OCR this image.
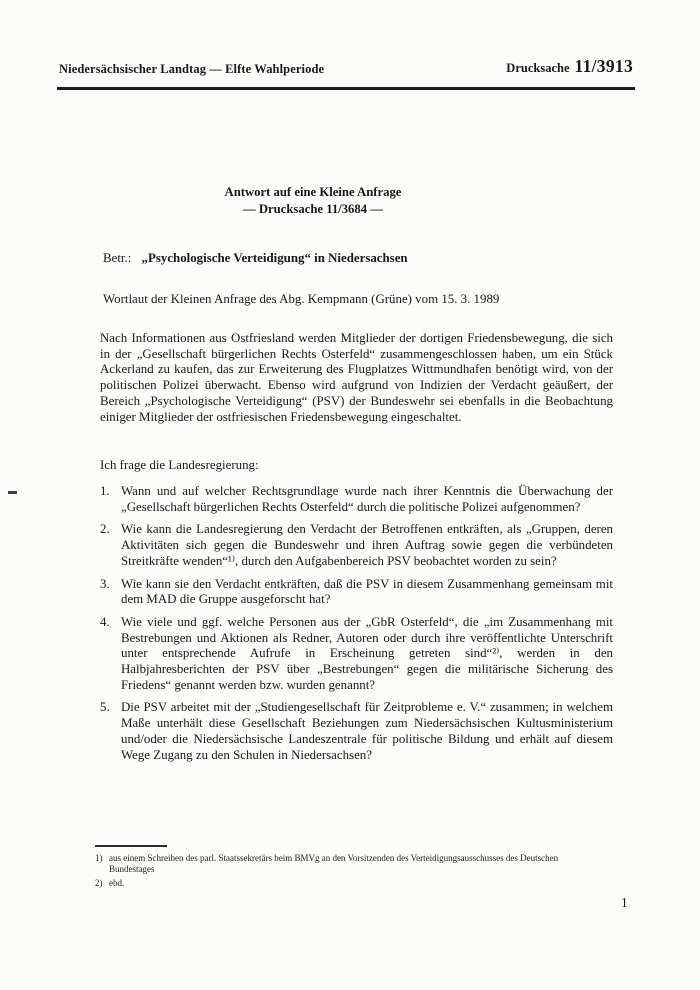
Niedersächsischer Landtag — Elfte Wahlperiode	Drucksache 11/3913
Antwort auf eine Kleine Anfrage
— Drucksache 11/3684 —
Betr.: „Psychologische Verteidigung“ in Niedersachsen
Wortlaut der Kleinen Anfrage des Abg. Kempmann (Grüne) vom 15. 3. 1989
Nach Informationen aus Ostfriesland werden Mitglieder der dortigen Friedensbewegung, die sich in der „Gesellschaft bürgerlichen Rechts Osterfeld“ zusammengeschlossen haben, um ein Stück Ackerland zu kaufen, das zur Erweiterung des Flugplatzes Wittmundhafen benötigt wird, von der politischen Polizei überwacht. Ebenso wird aufgrund von Indizien der Verdacht geäußert, der Bereich „Psychologische Verteidigung“ (PSV) der Bundeswehr sei ebenfalls in die Beobachtung einiger Mitglieder der ostfriesischen Friedensbewegung eingeschaltet.
Ich frage die Landesregierung:
1. Wann und auf welcher Rechtsgrundlage wurde nach ihrer Kenntnis die Überwachung der „Gesellschaft bürgerlichen Rechts Osterfeld“ durch die politische Polizei aufgenommen?
2. Wie kann die Landesregierung den Verdacht der Betroffenen entkräften, als „Gruppen, deren Aktivitäten sich gegen die Bundeswehr und ihren Auftrag sowie gegen die verbündeten Streitkräfte wenden“¹⁾, durch den Aufgabenbereich PSV beobachtet worden zu sein?
3. Wie kann sie den Verdacht entkräften, daß die PSV in diesem Zusammenhang gemeinsam mit dem MAD die Gruppe ausgeforscht hat?
4. Wie viele und ggf. welche Personen aus der „GbR Osterfeld“, die „im Zusammenhang mit Bestrebungen und Aktionen als Redner, Autoren oder durch ihre veröffentlichte Unterschrift unter entsprechende Aufrufe in Erscheinung getreten sind“²⁾, werden in den Halbjahresberichten der PSV über „Bestrebungen“ gegen die militärische Sicherung des Friedens“ genannt werden bzw. wurden genannt?
5. Die PSV arbeitet mit der „Studiengesellschaft für Zeitprobleme e. V.“ zusammen; in welchem Maße unterhält diese Gesellschaft Beziehungen zum Niedersächsischen Kultusministerium und/oder die Niedersächsische Landeszentrale für politische Bildung und erhält auf diesem Wege Zugang zu den Schulen in Niedersachsen?
1) aus einem Schreiben des parl. Staatssekretärs beim BMVg an den Vorsitzenden des Verteidigungsausschusses des Deutschen Bundestages
2) ebd.
1
